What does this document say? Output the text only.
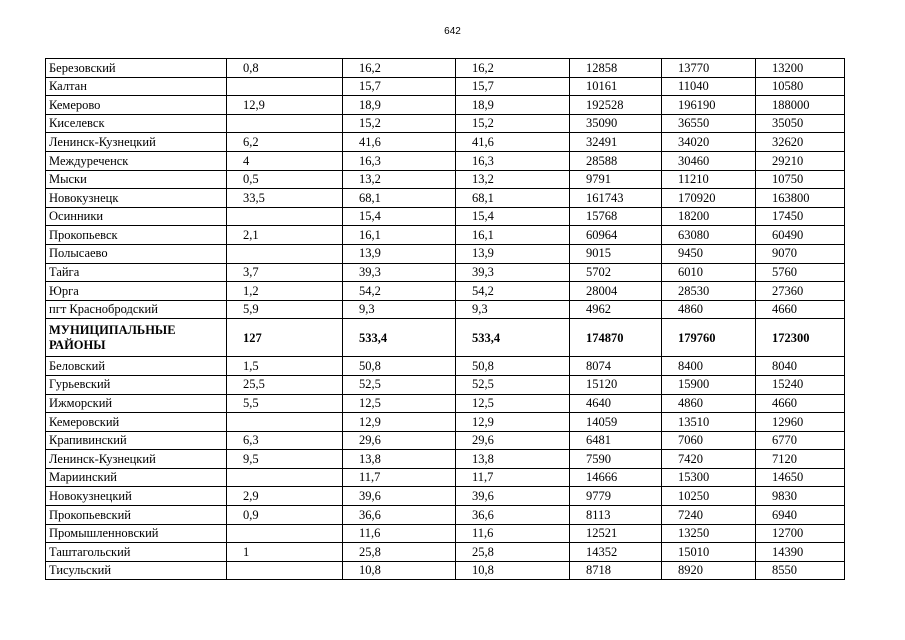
642
Березовский	0,8	16,2	16,2	12858	13770	13200
Калтан		15,7	15,7	10161	11040	10580
Кемерово	12,9	18,9	18,9	192528	196190	188000
Киселевск		15,2	15,2	35090	36550	35050
Ленинск-Кузнецкий	6,2	41,6	41,6	32491	34020	32620
Междуреченск	4	16,3	16,3	28588	30460	29210
Мыски	0,5	13,2	13,2	9791	11210	10750
Новокузнецк	33,5	68,1	68,1	161743	170920	163800
Осинники		15,4	15,4	15768	18200	17450
Прокопьевск	2,1	16,1	16,1	60964	63080	60490
Полысаево		13,9	13,9	9015	9450	9070
Тайга	3,7	39,3	39,3	5702	6010	5760
Юрга	1,2	54,2	54,2	28004	28530	27360
пгт Краснобродский	5,9	9,3	9,3	4962	4860	4660
МУНИЦИПАЛЬНЫЕ РАЙОНЫ	127	533,4	533,4	174870	179760	172300
Беловский	1,5	50,8	50,8	8074	8400	8040
Гурьевский	25,5	52,5	52,5	15120	15900	15240
Ижморский	5,5	12,5	12,5	4640	4860	4660
Кемеровский		12,9	12,9	14059	13510	12960
Крапивинский	6,3	29,6	29,6	6481	7060	6770
Ленинск-Кузнецкий	9,5	13,8	13,8	7590	7420	7120
Мариинский		11,7	11,7	14666	15300	14650
Новокузнецкий	2,9	39,6	39,6	9779	10250	9830
Прокопьевский	0,9	36,6	36,6	8113	7240	6940
Промышленновский		11,6	11,6	12521	13250	12700
Таштагольский	1	25,8	25,8	14352	15010	14390
Тисульский		10,8	10,8	8718	8920	8550
